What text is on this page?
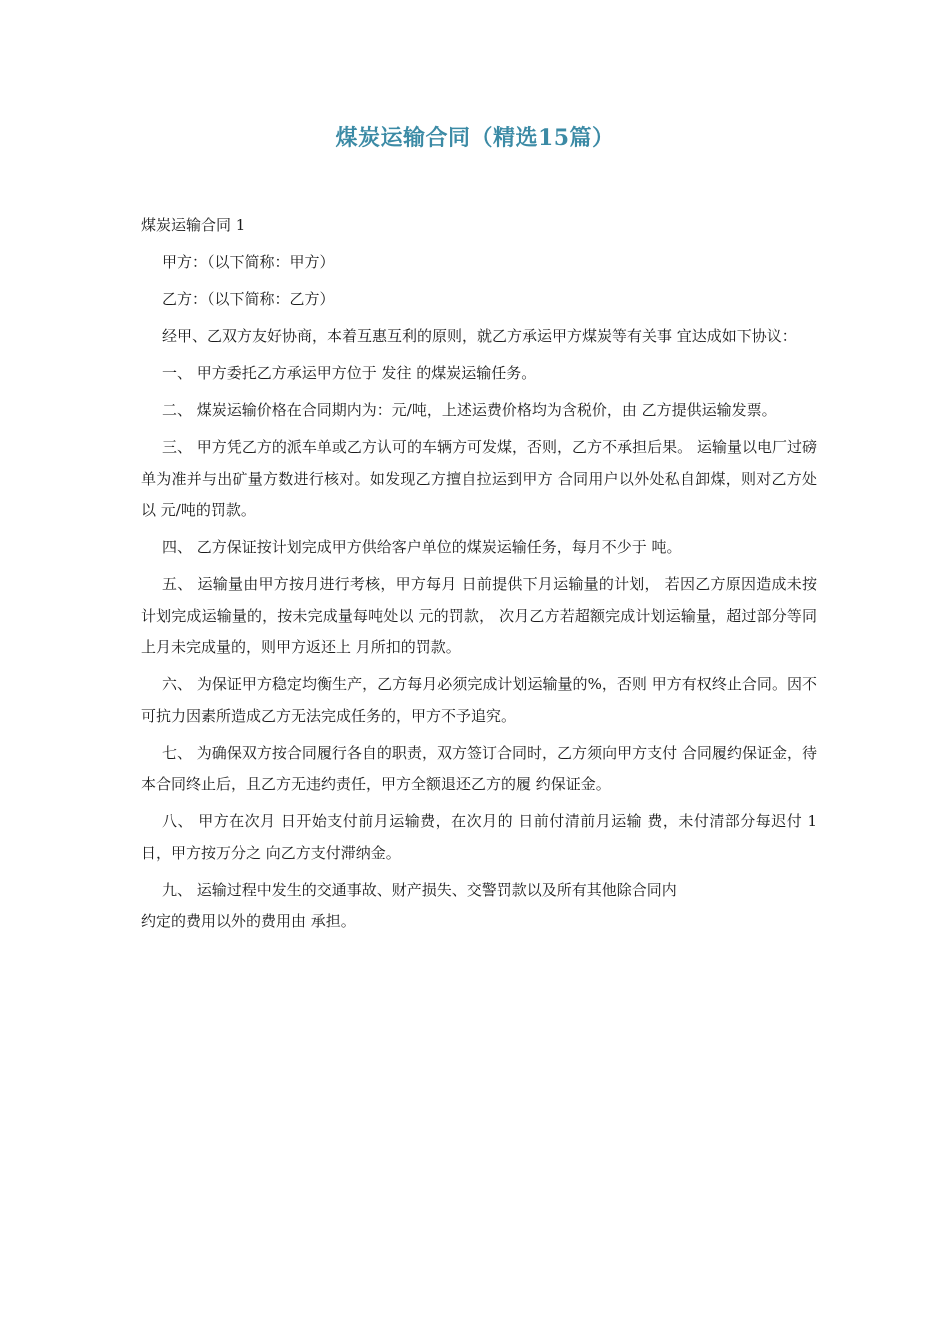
煤炭运输合同（精选15篇）

煤炭运输合同 1

甲方：（以下简称：甲方）

乙方：（以下简称：乙方）

经甲、乙双方友好协商，本着互惠互利的原则，就乙方承运甲方煤炭等有关事 宜达成如下协议：

一、 甲方委托乙方承运甲方位于 发往 的煤炭运输任务。

二、 煤炭运输价格在合同期内为：元/吨，上述运费价格均为含税价，由 乙方提供运输发票。

三、 甲方凭乙方的派车单或乙方认可的车辆方可发煤，否则，乙方不承担后果。 运输量以电厂过磅单为准并与出矿量方数进行核对。如发现乙方擅自拉运到甲方 合同用户以外处私自卸煤，则对乙方处以 元/吨的罚款。

四、 乙方保证按计划完成甲方供给客户单位的煤炭运输任务，每月不少于 吨。

五、 运输量由甲方按月进行考核，甲方每月 日前提供下月运输量的计划， 若因乙方原因造成未按计划完成运输量的，按未完成量每吨处以 元的罚款， 次月乙方若超额完成计划运输量，超过部分等同上月未完成量的，则甲方返还上 月所扣的罚款。

六、 为保证甲方稳定均衡生产，乙方每月必须完成计划运输量的%，否则 甲方有权终止合同。因不可抗力因素所造成乙方无法完成任务的，甲方不予追究。

七、 为确保双方按合同履行各自的职责，双方签订合同时，乙方须向甲方支付 合同履约保证金，待本合同终止后，且乙方无违约责任，甲方全额退还乙方的履 约保证金。

八、 甲方在次月 日开始支付前月运输费，在次月的 日前付清前月运输 费，未付清部分每迟付 1 日，甲方按万分之 向乙方支付滞纳金。

九、 运输过程中发生的交通事故、财产损失、交警罚款以及所有其他除合同内

约定的费用以外的费用由 承担。
